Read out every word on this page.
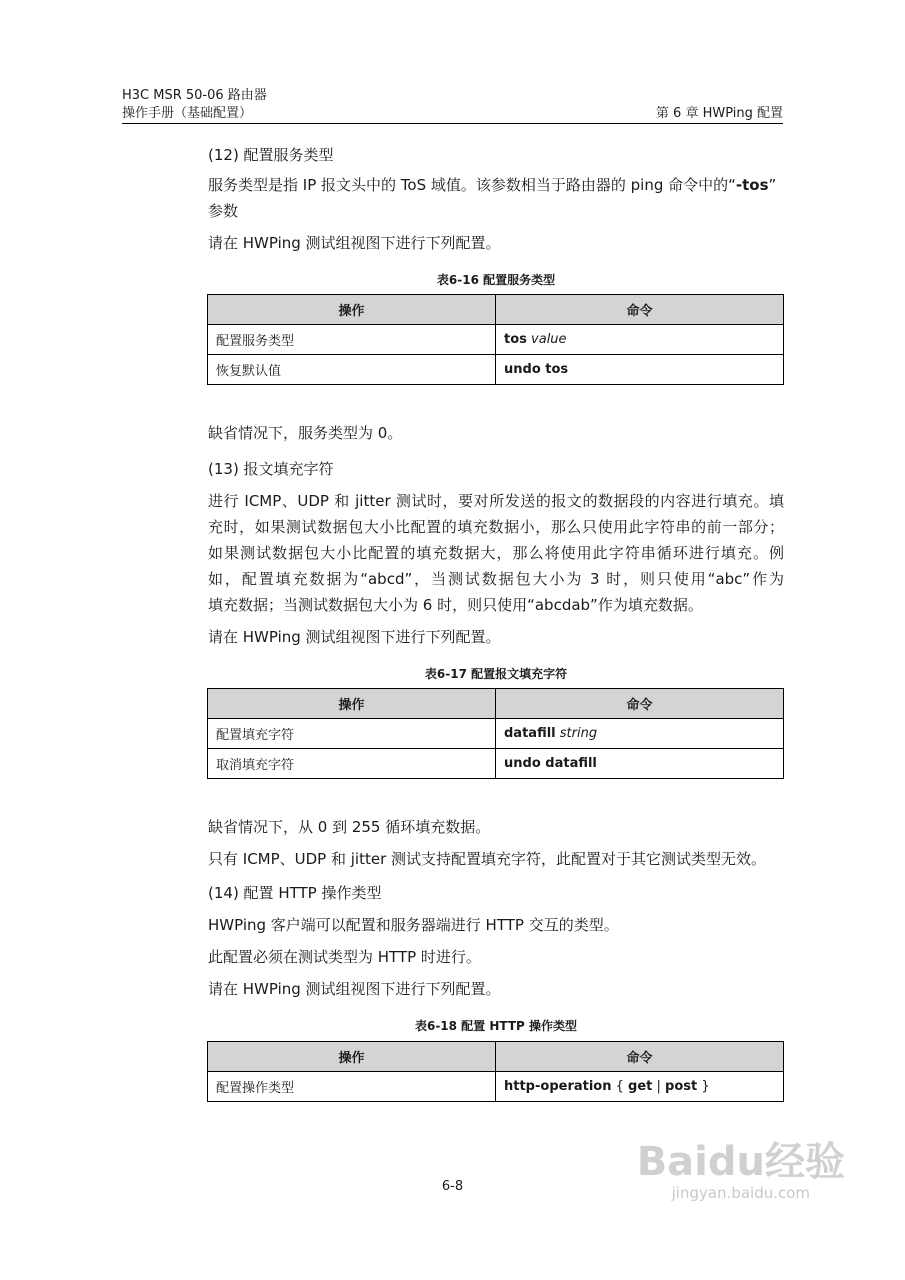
H3C MSR 50-06 路由器
操作手册（基础配置）	第 6 章 HWPing 配置
(12) 配置服务类型
服务类型是指 IP 报文头中的 ToS 域值。该参数相当于路由器的 ping 命令中的“-tos”
参数
请在 HWPing 测试组视图下进行下列配置。
表6-16 配置服务类型
操作	命令
配置服务类型	tos value
恢复默认值	undo tos
缺省情况下，服务类型为 0。
(13) 报文填充字符
进行 ICMP、UDP 和 jitter 测试时，要对所发送的报文的数据段的内容进行填充。填
充时，如果测试数据包大小比配置的填充数据小，那么只使用此字符串的前一部分；
如果测试数据包大小比配置的填充数据大，那么将使用此字符串循环进行填充。例
如，配置填充数据为“abcd”，当测试数据包大小为 3 时，则只使用“abc”作为
填充数据；当测试数据包大小为 6 时，则只使用“abcdab”作为填充数据。
请在 HWPing 测试组视图下进行下列配置。
表6-17 配置报文填充字符
操作	命令
配置填充字符	datafill string
取消填充字符	undo datafill
缺省情况下，从 0 到 255 循环填充数据。
只有 ICMP、UDP 和 jitter 测试支持配置填充字符，此配置对于其它测试类型无效。
(14) 配置 HTTP 操作类型
HWPing 客户端可以配置和服务器端进行 HTTP 交互的类型。
此配置必须在测试类型为 HTTP 时进行。
请在 HWPing 测试组视图下进行下列配置。
表6-18 配置 HTTP 操作类型
操作	命令
配置操作类型	http-operation { get | post }
6-8
Baidu经验
jingyan.baidu.com
